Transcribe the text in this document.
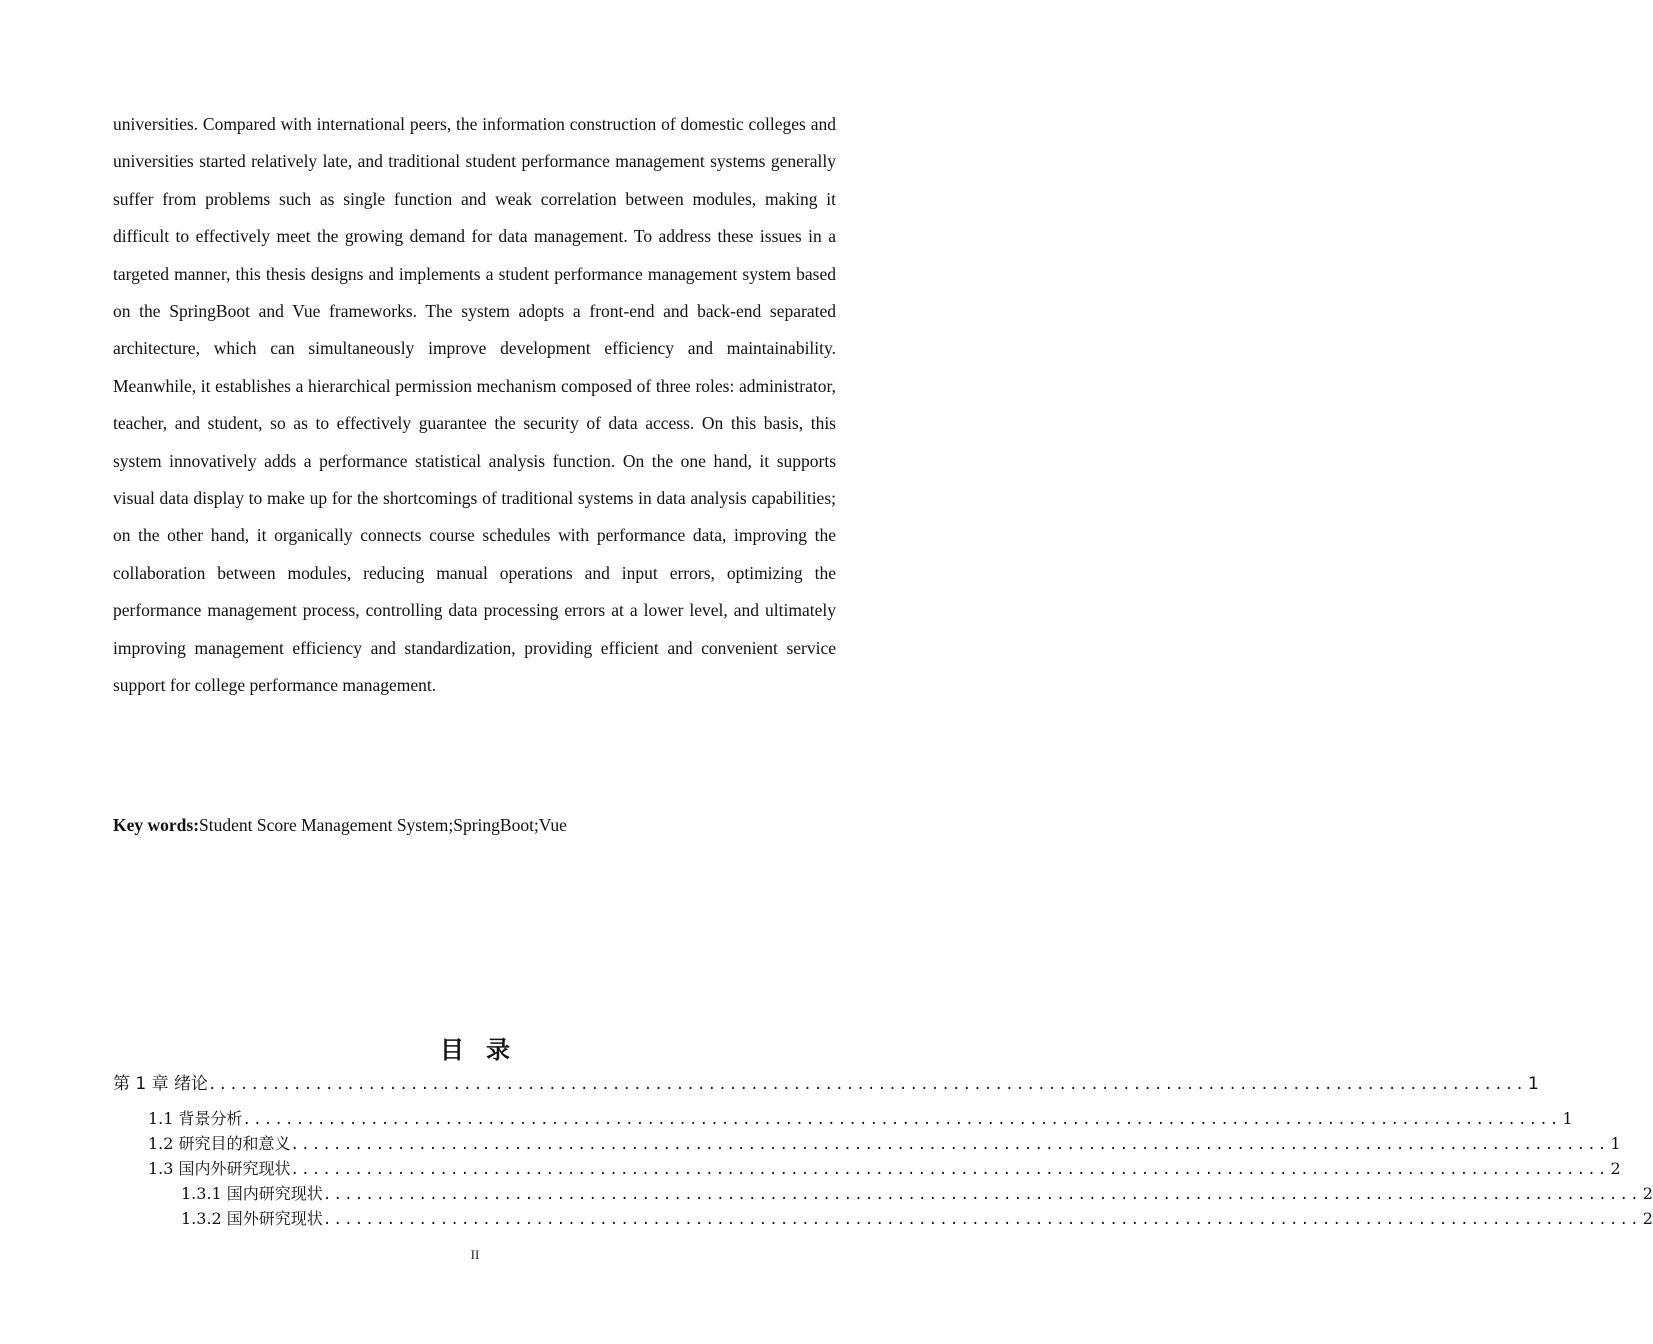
universities. Compared with international peers, the information construction of domestic colleges and universities started relatively late, and traditional student performance management systems generally suffer from problems such as single function and weak correlation between modules, making it difficult to effectively meet the growing demand for data management. To address these issues in a targeted manner, this thesis designs and implements a student performance management system based on the SpringBoot and Vue frameworks. The system adopts a front-end and back-end separated architecture, which can simultaneously improve development efficiency and maintainability. Meanwhile, it establishes a hierarchical permission mechanism composed of three roles: administrator, teacher, and student, so as to effectively guarantee the security of data access. On this basis, this system innovatively adds a performance statistical analysis function. On the one hand, it supports visual data display to make up for the shortcomings of traditional systems in data analysis capabilities; on the other hand, it organically connects course schedules with performance data, improving the collaboration between modules, reducing manual operations and input errors, optimizing the performance management process, controlling data processing errors at a lower level, and ultimately improving management efficiency and standardization, providing efficient and convenient service support for college performance management.

Key words:Student Score Management System;SpringBoot;Vue

目录
第 1 章 绪论 ............................................................................................................................ 1
1.1 背景分析 ............................................................................................................................ 1
1.2 研究目的和意义 ............................................................................................................................ 1
1.3 国内外研究现状 ............................................................................................................................ 2
1.3.1 国内研究现状 ............................................................................................................................ 2
1.3.2 国外研究现状 ............................................................................................................................ 2
II
